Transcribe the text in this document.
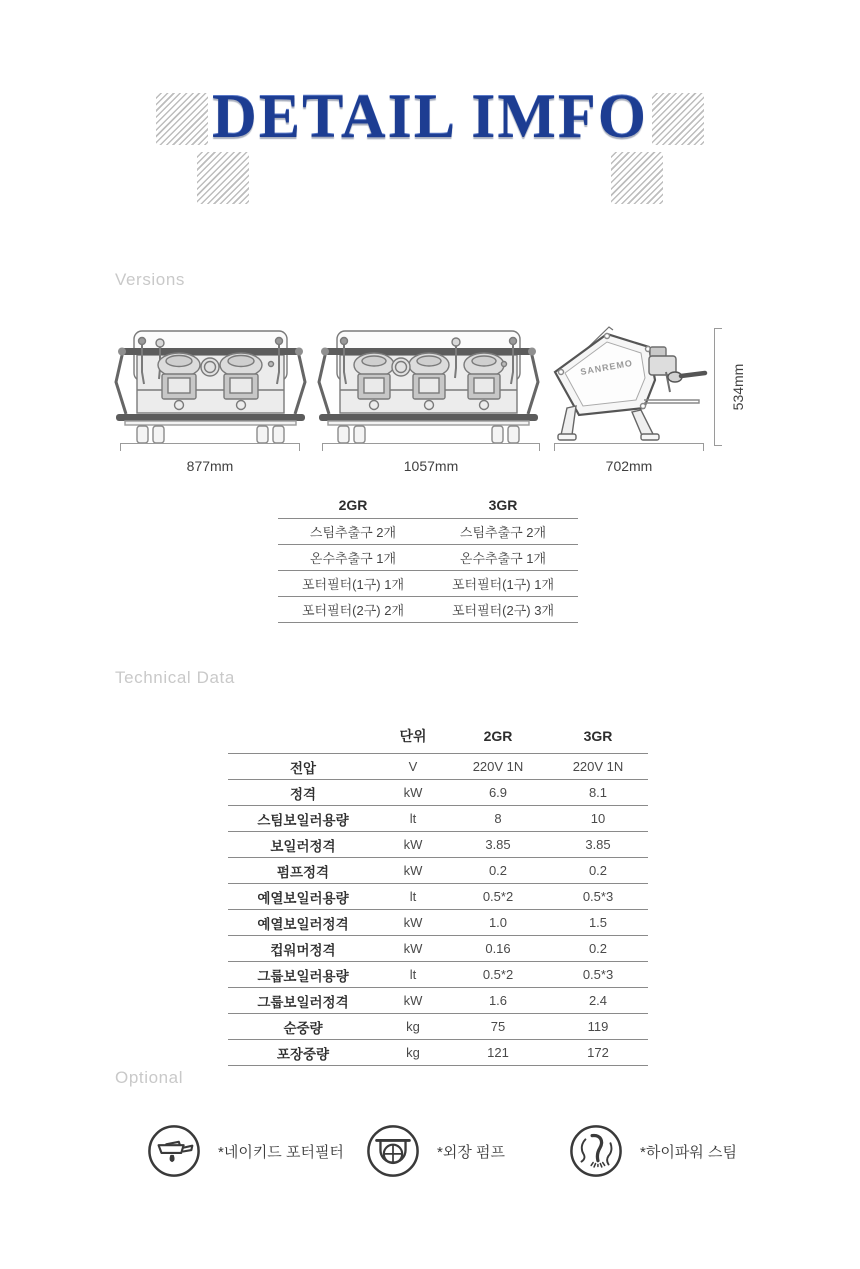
DETAIL IMFO
Versions
SANREMO
877mm	1057mm	702mm
534mm
2GR	3GR
스팀추출구 2개	스팀추출구 2개
온수추출구 1개	온수추출구 1개
포터필터(1구) 1개	포터필터(1구) 1개
포터필터(2구) 2개	포터필터(2구) 3개
Technical Data
	단위	2GR	3GR
전압	V	220V 1N	220V 1N
정격	kW	6.9	8.1
스팀보일러용량	lt	8	10
보일러정격	kW	3.85	3.85
펌프정격	kW	0.2	0.2
예열보일러용량	lt	0.5*2	0.5*3
예열보일러정격	kW	1.0	1.5
컵워머정격	kW	0.16	0.2
그룹보일러용량	lt	0.5*2	0.5*3
그룹보일러정격	kW	1.6	2.4
순중량	kg	75	119
포장중량	kg	121	172
Optional
*네이키드 포터필터	*외장 펌프	*하이파워 스팀
